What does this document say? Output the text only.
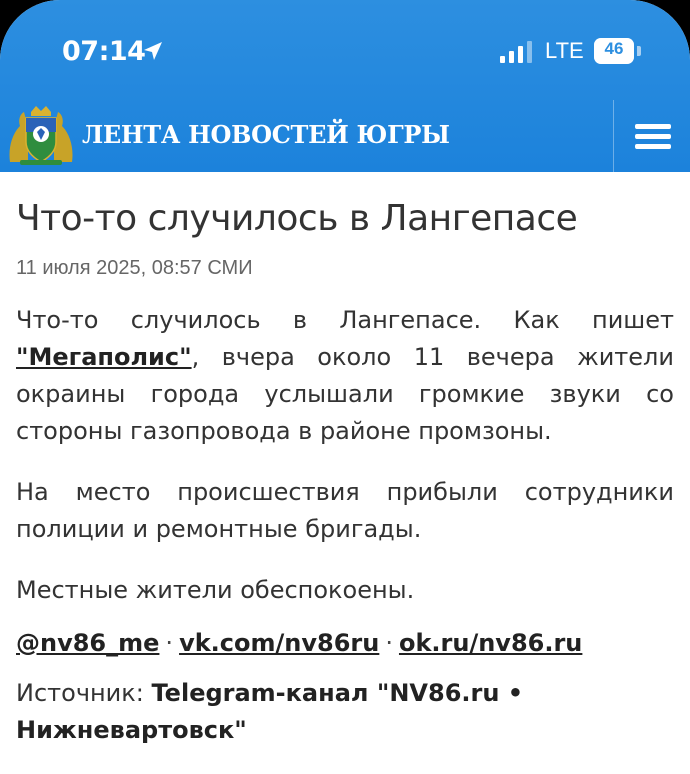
07:14	LTE	46
ЛЕНТА НОВОСТЕЙ ЮГРЫ
Что-то случилось в Лангепасе
11 июля 2025, 08:57 СМИ

Что-то случилось в Лангепасе. Как пишет "Мегаполис", вчера около 11 вечера жители окраины города услышали громкие звуки со стороны газопровода в районе промзоны.

На место происшествия прибыли сотрудники полиции и ремонтные бригады.

Местные жители обеспокоены.

@nv86_me · vk.com/nv86ru · ok.ru/nv86.ru
Источник: Telegram-канал "NV86.ru • Нижневартовск"
